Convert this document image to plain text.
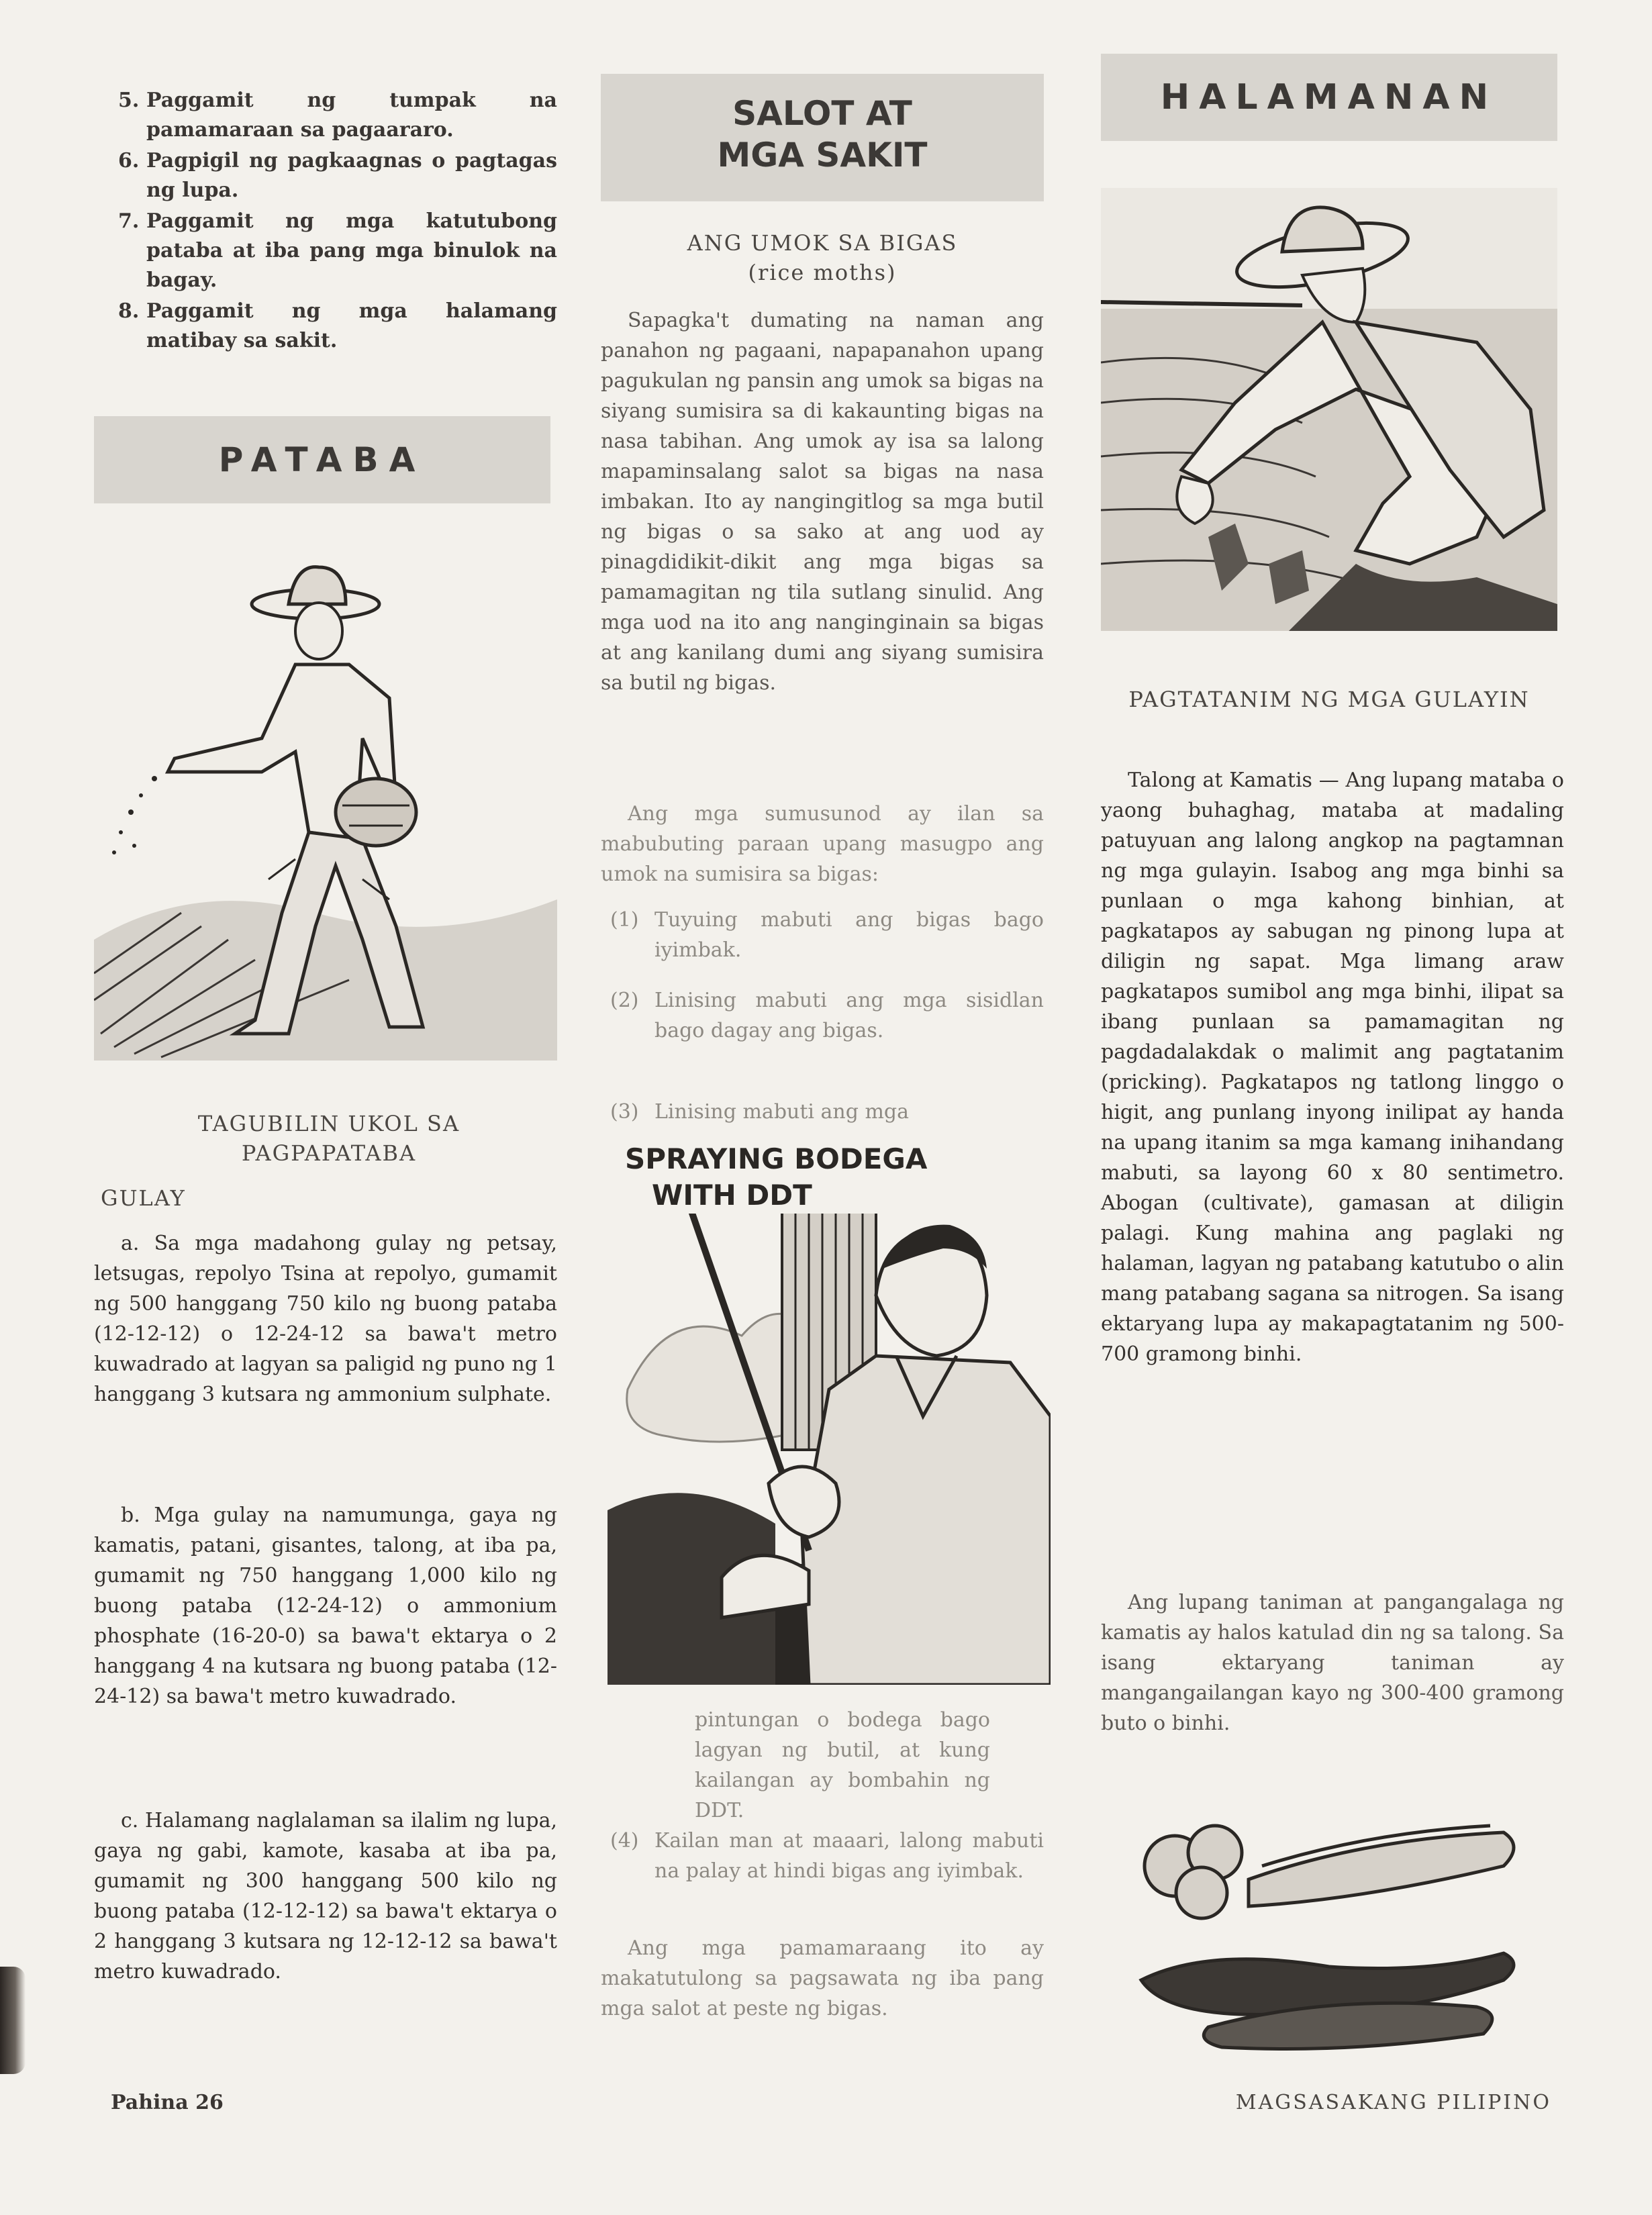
5. Paggamit ng tumpak na pamamaraan sa pagaararo.
6. Pagpigil ng pagkaagnas o pagtagas ng lupa.
7. Paggamit ng mga katutubong pataba at iba pang mga binulok na bagay.
8. Paggamit ng mga halamang matibay sa sakit.
PATABA
TAGUBILIN UKOL SA PAGPAPATABA
GULAY

a. Sa mga madahong gulay ng petsay, letsugas, repolyo Tsina at repolyo, gumamit ng 500 hanggang 750 kilo ng buong pataba (12-12-12) o 12-24-12 sa bawa't metro kuwadrado at lagyan sa paligid ng puno ng 1 hanggang 3 kutsara ng ammonium sulphate.

b. Mga gulay na namumunga, gaya ng kamatis, patani, gisantes, talong, at iba pa, gumamit ng 750 hanggang 1,000 kilo ng buong pataba (12-24-12) o ammonium phosphate (16-20-0) sa bawa't ektarya o 2 hanggang 4 na kutsara ng buong pataba (12-24-12) sa bawa't metro kuwadrado.

c. Halamang naglalaman sa ilalim ng lupa, gaya ng gabi, kamote, kasaba at iba pa, gumamit ng 300 hanggang 500 kilo ng buong pataba (12-12-12) sa bawa't ektarya o 2 hanggang 3 kutsara ng 12-12-12 sa bawa't metro kuwadrado.

SALOT AT
MGA SAKIT
ANG UMOK SA BIGAS
(rice moths)

Sapagka't dumating na naman ang panahon ng pagaani, napapanahon upang pagukulan ng pansin ang umok sa bigas na siyang sumisira sa di kakaunting bigas na nasa tabihan. Ang umok ay isa sa lalong mapaminsalang salot sa bigas na nasa imbakan. Ito ay nangingitlog sa mga butil ng bigas o sa sako at ang uod ay pinagdidikit-dikit ang mga bigas sa pamamagitan ng tila sutlang sinulid. Ang mga uod na ito ang nanginginain sa bigas at ang kanilang dumi ang siyang sumisira sa butil ng bigas.

Ang mga sumusunod ay ilan sa mabubuting paraan upang masugpo ang umok na sumisira sa bigas:

(1) Tuyuing mabuti ang bigas bago iyimbak.

(2) Linising mabuti ang mga sisidlan bago dagay ang bigas.

(3) Linising mabuti ang mga

SPRAYING BODEGA
WITH DDT

pintungan o bodega bago lagyan ng butil, at kung kailangan ay bombahin ng DDT.

(4) Kailan man at maaari, lalong mabuti na palay at hindi bigas ang iyimbak.

Ang mga pamamaraang ito ay makatutulong sa pagsawata ng iba pang mga salot at peste ng bigas.

HALAMANAN
PAGTATANIM NG MGA GULAYIN

Talong at Kamatis — Ang lupang mataba o yaong buhaghag, mataba at madaling patuyuan ang lalong angkop na pagtamnan ng mga gulayin. Isabog ang mga binhi sa punlaan o mga kahong binhian, at pagkatapos ay sabugan ng pinong lupa at diligin ng sapat. Mga limang araw pagkatapos sumibol ang mga binhi, ilipat sa ibang punlaan sa pamamagitan ng pagdadalakdak o malimit ang pagtatanim (pricking). Pagkatapos ng tatlong linggo o higit, ang punlang inyong inilipat ay handa na upang itanim sa mga kamang inihandang mabuti, sa layong 60 x 80 sentimetro. Abogan (cultivate), gamasan at diligin palagi. Kung mahina ang paglaki ng halaman, lagyan ng patabang katutubo o alin mang patabang sagana sa nitrogen. Sa isang ektaryang lupa ay makapagtatanim ng 500-700 gramong binhi.

Ang lupang taniman at pangangalaga ng kamatis ay halos katulad din ng sa talong. Sa isang ektaryang taniman ay mangangailangan kayo ng 300-400 gramong buto o binhi.

Pahina 26	MAGSASAKANG PILIPINO
